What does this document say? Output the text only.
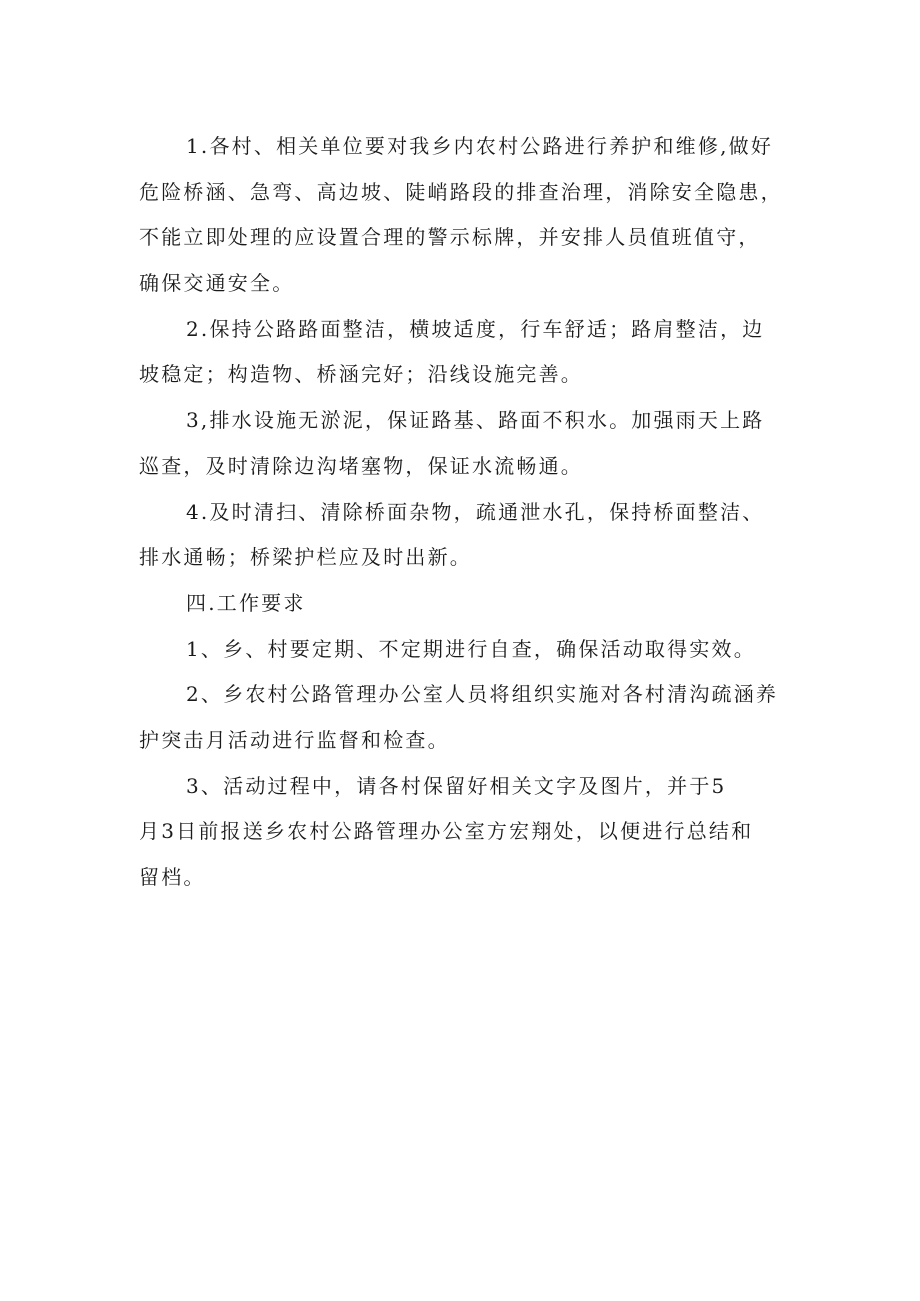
1.各村、相关单位要对我乡内农村公路进行养护和维修,做好
危险桥涵、急弯、高边坡、陡峭路段的排查治理，消除安全隐患，
不能立即处理的应设置合理的警示标牌，并安排人员值班值守，
确保交通安全。
2.保持公路路面整洁，横坡适度，行车舒适；路肩整洁，边
坡稳定；构造物、桥涵完好；沿线设施完善。
3,排水设施无淤泥，保证路基、路面不积水。加强雨天上路
巡查，及时清除边沟堵塞物，保证水流畅通。
4.及时清扫、清除桥面杂物，疏通泄水孔，保持桥面整洁、
排水通畅；桥梁护栏应及时出新。
四.工作要求
1、乡、村要定期、不定期进行自查，确保活动取得实效。
2、乡农村公路管理办公室人员将组织实施对各村清沟疏涵养
护突击月活动进行监督和检查。
3、活动过程中，请各村保留好相关文字及图片，并于5
月3日前报送乡农村公路管理办公室方宏翔处，以便进行总结和
留档。
